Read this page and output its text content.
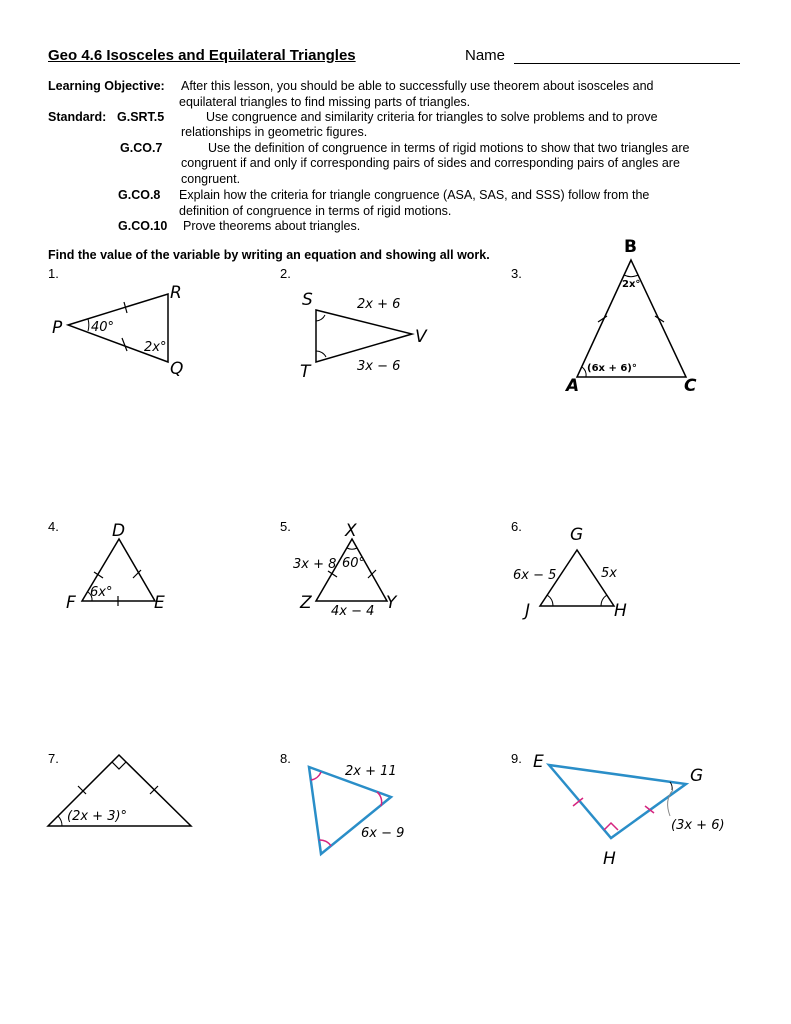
Geo 4.6 Isosceles and Equilateral Triangles	Name
Learning Objective: After this lesson, you should be able to successfully use theorem about isosceles and
equilateral triangles to find missing parts of triangles.
Standard: G.SRT.5	Use congruence and similarity criteria for triangles to solve problems and to prove
relationships in geometric figures.
G.CO.7	Use the definition of congruence in terms of rigid motions to show that two triangles are
congruent if and only if corresponding pairs of sides and corresponding pairs of angles are
congruent.
G.CO.8 Explain how the criteria for triangle congruence (ASA, SAS, and SSS) follow from the
definition of congruence in terms of rigid motions.
G.CO.10 Prove theorems about triangles.
Find the value of the variable by writing an equation and showing all work.
1.	2.	3.
4.	5.	6.
7.	8.	9.
R
P
Q
40°
2x°
S
T
V
2x + 6
3x − 6
B
A	C
2x°
(6x + 6)°
D
F	E
6x°
X
Z	Y
3x + 8 60°
4x − 4
G
J	H
6x − 5	5x
(2x + 3)°
2x + 11
6x − 9
E
G
H
(3x + 6)
